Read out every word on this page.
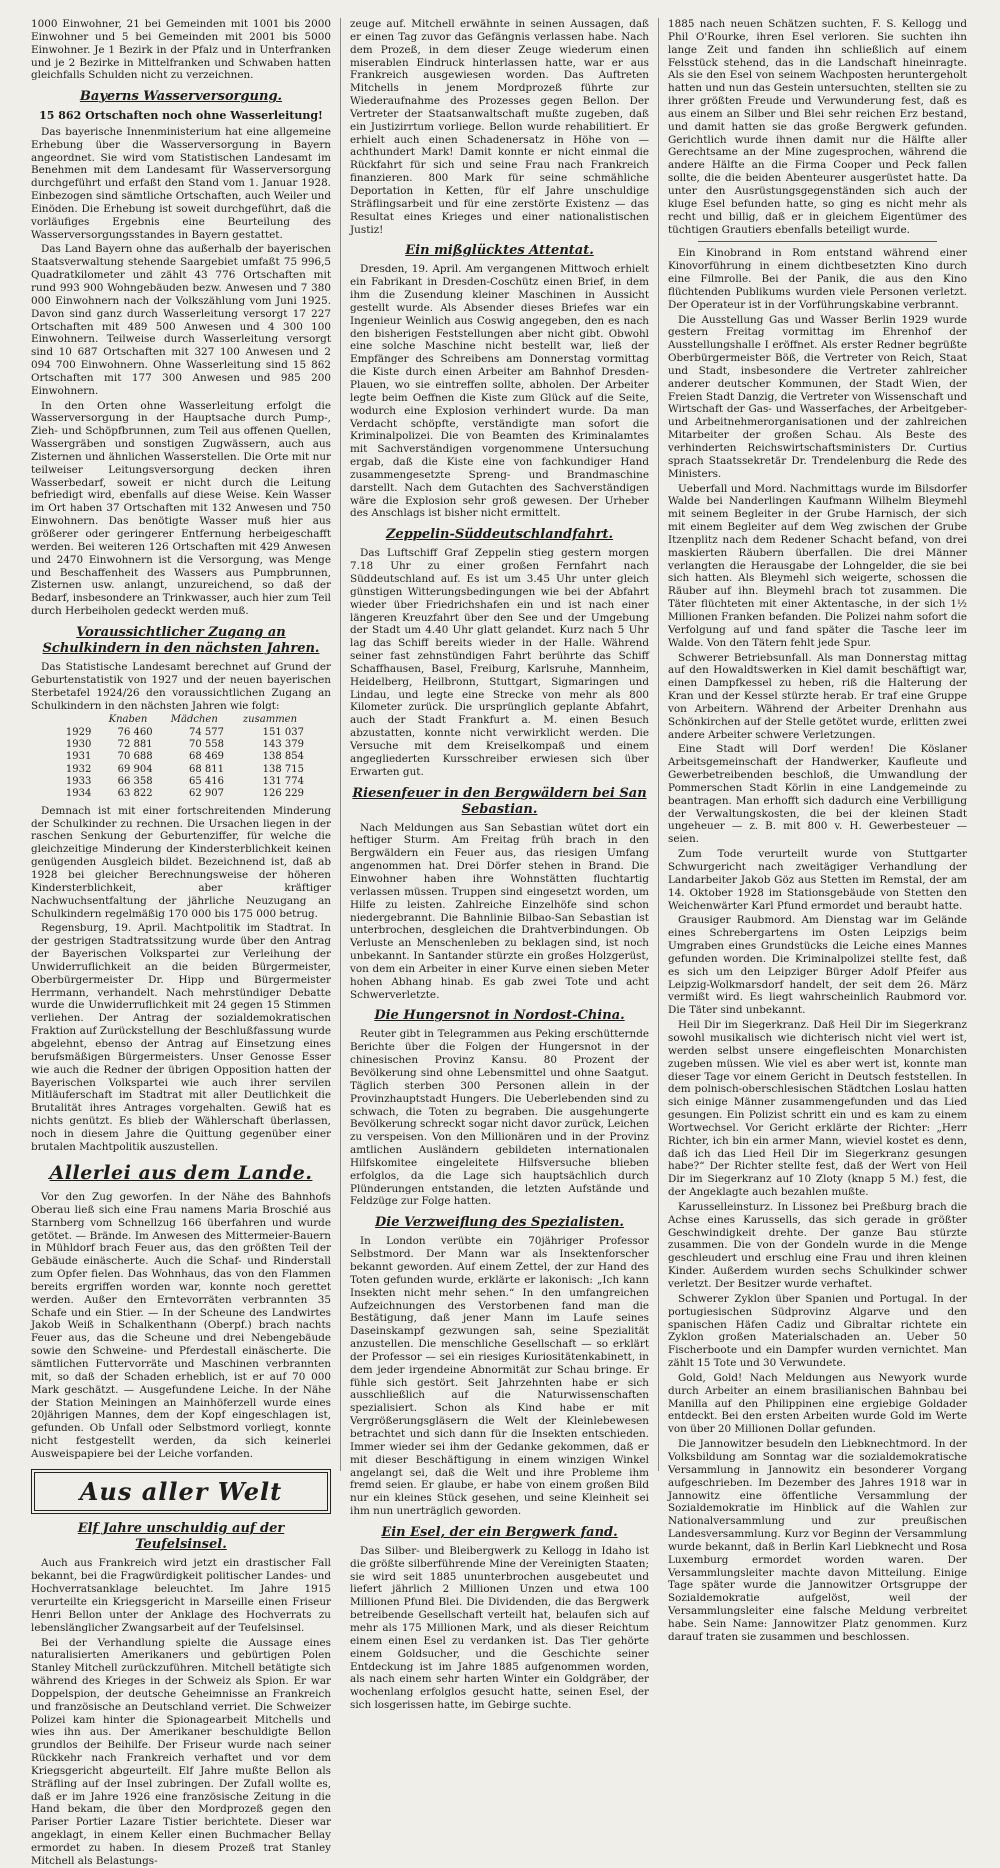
1000 Einwohner, 21 bei Gemeinden mit 1001 bis 2000 Einwohner und 5 bei Gemeinden mit 2001 bis 5000 Einwohner. Je 1 Bezirk in der Pfalz und in Unterfranken und je 2 Bezirke in Mittelfranken und Schwaben hatten gleichfalls Schulden nicht zu verzeichnen.

Bayerns Wasserversorgung.
15 862 Ortschaften noch ohne Wasserleitung!

Das bayerische Innenministerium hat eine allgemeine Erhebung über die Wasserversorgung in Bayern angeordnet. Sie wird vom Statistischen Landesamt im Benehmen mit dem Landesamt für Wasserversorgung durchgeführt und erfaßt den Stand vom 1. Januar 1928. Einbezogen sind sämtliche Ortschaften, auch Weiler und Einöden. Die Erhebung ist soweit durchgeführt, daß die vorläufiges Ergebnis eine Beurteilung des Wasserversorgungsstandes in Bayern gestattet.

Das Land Bayern ohne das außerhalb der bayerischen Staatsverwaltung stehende Saargebiet umfaßt 75 996,5 Quadratkilometer und zählt 43 776 Ortschaften mit rund 993 900 Wohngebäuden bezw. Anwesen und 7 380 000 Einwohnern nach der Volkszählung vom Juni 1925. Davon sind ganz durch Wasserleitung versorgt 17 227 Ortschaften mit 489 500 Anwesen und 4 300 100 Einwohnern. Teilweise durch Wasserleitung versorgt sind 10 687 Ortschaften mit 327 100 Anwesen und 2 094 700 Einwohnern. Ohne Wasserleitung sind 15 862 Ortschaften mit 177 300 Anwesen und 985 200 Einwohnern.

In den Orten ohne Wasserleitung erfolgt die Wasserversorgung in der Hauptsache durch Pump-, Zieh- und Schöpfbrunnen, zum Teil aus offenen Quellen, Wassergräben und sonstigen Zugwässern, auch aus Zisternen und ähnlichen Wasserstellen. Die Orte mit nur teilweiser Leitungsversorgung decken ihren Wasserbedarf, soweit er nicht durch die Leitung befriedigt wird, ebenfalls auf diese Weise. Kein Wasser im Ort haben 37 Ortschaften mit 132 Anwesen und 750 Einwohnern. Das benötigte Wasser muß hier aus größerer oder geringerer Entfernung herbeigeschafft werden. Bei weiteren 126 Ortschaften mit 429 Anwesen und 2470 Einwohnern ist die Versorgung, was Menge und Beschaffenheit des Wassers aus Pumpbrunnen, Zisternen usw. anlangt, unzureichend, so daß der Bedarf, insbesondere an Trinkwasser, auch hier zum Teil durch Herbeiholen gedeckt werden muß.

Voraussichtlicher Zugang an Schulkindern in den nächsten Jahren.

Das Statistische Landesamt berechnet auf Grund der Geburtenstatistik von 1927 und der neuen bayerischen Sterbetafel 1924/26 den voraussichtlichen Zugang an Schulkindern in den nächsten Jahren wie folgt:

	Knaben	Mädchen	zusammen
1929	76 460	74 577	151 037
1930	72 881	70 558	143 379
1931	70 688	68 469	138 854
1932	69 904	68 811	138 715
1933	66 358	65 416	131 774
1934	63 822	62 907	126 229

Demnach ist mit einer fortschreitenden Minderung der Schulkinder zu rechnen. Die Ursachen liegen in der raschen Senkung der Geburtenziffer, für welche die gleichzeitige Minderung der Kindersterblichkeit keinen genügenden Ausgleich bildet. Bezeichnend ist, daß ab 1928 bei gleicher Berechnungsweise der höheren Kindersterblichkeit, aber kräftiger Nachwuchsentfaltung der jährliche Neuzugang an Schulkindern regelmäßig 170 000 bis 175 000 betrug.

Regensburg, 19. April. Machtpolitik im Stadtrat. In der gestrigen Stadtratssitzung wurde über den Antrag der Bayerischen Volkspartei zur Verleihung der Unwiderruflichkeit an die beiden Bürgermeister, Oberbürgermeister Dr. Hipp und Bürgermeister Herrmann, verhandelt. Nach mehrstündiger Debatte wurde die Unwiderruflichkeit mit 24 gegen 15 Stimmen verliehen. Der Antrag der sozialdemokratischen Fraktion auf Zurückstellung der Beschlußfassung wurde abgelehnt, ebenso der Antrag auf Einsetzung eines berufsmäßigen Bürgermeisters. Unser Genosse Esser wie auch die Redner der übrigen Opposition hatten der Bayerischen Volkspartei wie auch ihrer servilen Mitläuferschaft im Stadtrat mit aller Deutlichkeit die Brutalität ihres Antrages vorgehalten. Gewiß hat es nichts genützt. Es blieb der Wählerschaft überlassen, noch in diesem Jahre die Quittung gegenüber einer brutalen Machtpolitik auszustellen.

Allerlei aus dem Lande.

Vor den Zug geworfen. In der Nähe des Bahnhofs Oberau ließ sich eine Frau namens Maria Broschié aus Starnberg vom Schnellzug 166 überfahren und wurde getötet. — Brände. Im Anwesen des Mittermeier-Bauern in Mühldorf brach Feuer aus, das den größten Teil der Gebäude einäscherte. Auch die Schaf- und Rinderstall zum Opfer fielen. Das Wohnhaus, das von den Flammen bereits ergriffen worden war, konnte noch gerettet werden. Außer den Erntevorräten verbrannten 35 Schafe und ein Stier. — In der Scheune des Landwirtes Jakob Weiß in Schalkenthann (Oberpf.) brach nachts Feuer aus, das die Scheune und drei Nebengebäude sowie den Schweine- und Pferdestall einäscherte. Die sämtlichen Futtervorräte und Maschinen verbrannten mit, so daß der Schaden erheblich, ist er auf 70 000 Mark geschätzt. — Ausgefundene Leiche. In der Nähe der Station Meiningen an Mainhöferzell wurde eines 20jährigen Mannes, dem der Kopf eingeschlagen ist, gefunden. Ob Unfall oder Selbstmord vorliegt, konnte nicht festgestellt werden, da sich keinerlei Ausweispapiere bei der Leiche vorfanden.

Aus aller Welt
Elf Jahre unschuldig auf der Teufelsinsel.

Auch aus Frankreich wird jetzt ein drastischer Fall bekannt, bei die Fragwürdigkeit politischer Landes- und Hochverratsanklage beleuchtet. Im Jahre 1915 verurteilte ein Kriegsgericht in Marseille einen Friseur Henri Bellon unter der Anklage des Hochverrats zu lebenslänglicher Zwangsarbeit auf der Teufelsinsel.

Bei der Verhandlung spielte die Aussage eines naturalisierten Amerikaners und gebürtigen Polen Stanley Mitchell zurückzuführen. Mitchell betätigte sich während des Krieges in der Schweiz als Spion. Er war Doppelspion, der deutsche Geheimnisse an Frankreich und französische an Deutschland verriet. Die Schweizer Polizei kam hinter die Spionagearbeit Mitchells und wies ihn aus. Der Amerikaner beschuldigte Bellon grundlos der Beihilfe. Der Friseur wurde nach seiner Rückkehr nach Frankreich verhaftet und vor dem Kriegsgericht abgeurteilt. Elf Jahre mußte Bellon als Sträfling auf der Insel zubringen. Der Zufall wollte es, daß er im Jahre 1926 eine französische Zeitung in die Hand bekam, die über den Mordprozeß gegen den Pariser Portier Lazare Tistier berichtete. Dieser war angeklagt, in einem Keller einen Buchmacher Bellay ermordet zu haben. In diesem Prozeß trat Stanley Mitchell als Belastungs-

zeuge auf. Mitchell erwähnte in seinen Aussagen, daß er einen Tag zuvor das Gefängnis verlassen habe. Nach dem Prozeß, in dem dieser Zeuge wiederum einen miserablen Eindruck hinterlassen hatte, war er aus Frankreich ausgewiesen worden. Das Auftreten Mitchells in jenem Mordprozeß führte zur Wiederaufnahme des Prozesses gegen Bellon. Der Vertreter der Staatsanwaltschaft mußte zugeben, daß ein Justizirrtum vorliege. Bellon wurde rehabilitiert. Er erhielt auch einen Schadenersatz in Höhe von — achthundert Mark! Damit konnte er nicht einmal die Rückfahrt für sich und seine Frau nach Frankreich finanzieren. 800 Mark für seine schmähliche Deportation in Ketten, für elf Jahre unschuldige Sträflingsarbeit und für eine zerstörte Existenz — das Resultat eines Krieges und einer nationalistischen Justiz!

Ein mißglücktes Attentat.

Dresden, 19. April. Am vergangenen Mittwoch erhielt ein Fabrikant in Dresden-Coschütz einen Brief, in dem ihm die Zusendung kleiner Maschinen in Aussicht gestellt wurde. Als Absender dieses Briefes war ein Ingenieur Weinlich aus Coswig angegeben, den es nach den bisherigen Feststellungen aber nicht gibt. Obwohl eine solche Maschine nicht bestellt war, ließ der Empfänger des Schreibens am Donnerstag vormittag die Kiste durch einen Arbeiter am Bahnhof Dresden-Plauen, wo sie eintreffen sollte, abholen. Der Arbeiter legte beim Oeffnen die Kiste zum Glück auf die Seite, wodurch eine Explosion verhindert wurde. Da man Verdacht schöpfte, verständigte man sofort die Kriminalpolizei. Die von Beamten des Kriminalamtes mit Sachverständigen vorgenommene Untersuchung ergab, daß die Kiste eine von fachkundiger Hand zusammengesetzte Spreng- und Brandmaschine darstellt. Nach dem Gutachten des Sachverständigen wäre die Explosion sehr groß gewesen. Der Urheber des Anschlags ist bisher nicht ermittelt.

Zeppelin-Süddeutschlandfahrt.

Das Luftschiff Graf Zeppelin stieg gestern morgen 7.18 Uhr zu einer großen Fernfahrt nach Süddeutschland auf. Es ist um 3.45 Uhr unter gleich günstigen Witterungsbedingungen wie bei der Abfahrt wieder über Friedrichshafen ein und ist nach einer längeren Kreuzfahrt über den See und der Umgebung der Stadt um 4.40 Uhr glatt gelandet. Kurz nach 5 Uhr lag das Schiff bereits wieder in der Halle. Während seiner fast zehnstündigen Fahrt berührte das Schiff Schaffhausen, Basel, Freiburg, Karlsruhe, Mannheim, Heidelberg, Heilbronn, Stuttgart, Sigmaringen und Lindau, und legte eine Strecke von mehr als 800 Kilometer zurück. Die ursprünglich geplante Abfahrt, auch der Stadt Frankfurt a. M. einen Besuch abzustatten, konnte nicht verwirklicht werden. Die Versuche mit dem Kreiselkompaß und einem angegliederten Kursschreiber erwiesen sich über Erwarten gut.

Riesenfeuer in den Bergwäldern bei San Sebastian.

Nach Meldungen aus San Sebastian wütet dort ein heftiger Sturm. Am Freitag früh brach in den Bergwäldern ein Feuer aus, das riesigen Umfang angenommen hat. Drei Dörfer stehen in Brand. Die Einwohner haben ihre Wohnstätten fluchtartig verlassen müssen. Truppen sind eingesetzt worden, um Hilfe zu leisten. Zahlreiche Einzelhöfe sind schon niedergebrannt. Die Bahnlinie Bilbao-San Sebastian ist unterbrochen, desgleichen die Drahtverbindungen. Ob Verluste an Menschenleben zu beklagen sind, ist noch unbekannt. In Santander stürzte ein großes Holzgerüst, von dem ein Arbeiter in einer Kurve einen sieben Meter hohen Abhang hinab. Es gab zwei Tote und acht Schwerverletzte.

Die Hungersnot in Nordost-China.

Reuter gibt in Telegrammen aus Peking erschütternde Berichte über die Folgen der Hungersnot in der chinesischen Provinz Kansu. 80 Prozent der Bevölkerung sind ohne Lebensmittel und ohne Saatgut. Täglich sterben 300 Personen allein in der Provinzhauptstadt Hungers. Die Ueberlebenden sind zu schwach, die Toten zu begraben. Die ausgehungerte Bevölkerung schreckt sogar nicht davor zurück, Leichen zu verspeisen. Von den Millionären und in der Provinz amtlichen Ausländern gebildeten internationalen Hilfskomitee eingeleitete Hilfsversuche blieben erfolglos, da die Lage sich hauptsächlich durch Plünderungen entstanden, die letzten Aufstände und Feldzüge zur Folge hatten.

Die Verzweiflung des Spezialisten.

In London verübte ein 70jähriger Professor Selbstmord. Der Mann war als Insektenforscher bekannt geworden. Auf einem Zettel, der zur Hand des Toten gefunden wurde, erklärte er lakonisch: „Ich kann Insekten nicht mehr sehen.“ In den umfangreichen Aufzeichnungen des Verstorbenen fand man die Bestätigung, daß jener Mann im Laufe seines Daseinskampf gezwungen sah, seine Spezialität anzustellen. Die menschliche Gesellschaft — so erklärt der Professor — sei ein riesiges Kuriositätenkabinett, in dem jeder irgendeine Abnormität zur Schau bringe. Er fühle sich gestört. Seit Jahrzehnten habe er sich ausschließlich auf die Naturwissenschaften spezialisiert. Schon als Kind habe er mit Vergrößerungsgläsern die Welt der Kleinlebewesen betrachtet und sich dann für die Insekten entschieden. Immer wieder sei ihm der Gedanke gekommen, daß er mit dieser Beschäftigung in einem winzigen Winkel angelangt sei, daß die Welt und ihre Probleme ihm fremd seien. Er glaube, er habe von einem großen Bild nur ein kleines Stück gesehen, und seine Kleinheit sei ihm nun unerträglich geworden.

Ein Esel, der ein Bergwerk fand.

Das Silber- und Bleibergwerk zu Kellogg in Idaho ist die größte silberführende Mine der Vereinigten Staaten; sie wird seit 1885 ununterbrochen ausgebeutet und liefert jährlich 2 Millionen Unzen und etwa 100 Millionen Pfund Blei. Die Dividenden, die das Bergwerk betreibende Gesellschaft verteilt hat, belaufen sich auf mehr als 175 Millionen Mark, und als dieser Reichtum einem einen Esel zu verdanken ist. Das Tier gehörte einem Goldsucher, und die Geschichte seiner Entdeckung ist im Jahre 1885 aufgenommen worden, als nach einem sehr harten Winter ein Goldgräber, der wochenlang erfolglos gesucht hatte, seinen Esel, der sich losgerissen hatte, im Gebirge suchte.

1885 nach neuen Schätzen suchten, F. S. Kellogg und Phil O'Rourke, ihren Esel verloren. Sie suchten ihn lange Zeit und fanden ihn schließlich auf einem Felsstück stehend, das in die Landschaft hineinragte. Als sie den Esel von seinem Wachposten heruntergeholt hatten und nun das Gestein untersuchten, stellten sie zu ihrer größten Freude und Verwunderung fest, daß es aus einem an Silber und Blei sehr reichen Erz bestand, und damit hatten sie das große Bergwerk gefunden. Gerichtlich wurde ihnen damit nur die Hälfte aller Gerechtsame an der Mine zugesprochen, während die andere Hälfte an die Firma Cooper und Peck fallen sollte, die die beiden Abenteurer ausgerüstet hatte. Da unter den Ausrüstungsgegenständen sich auch der kluge Esel befunden hatte, so ging es nicht mehr als recht und billig, daß er in gleichem Eigentümer des tüchtigen Grautiers ebenfalls beteiligt wurde.

Ein Kinobrand in Rom entstand während einer Kinovorführung in einem dichtbesetzten Kino durch eine Filmrolle. Bei der Panik, die aus den Kino flüchtenden Publikums wurden viele Personen verletzt. Der Operateur ist in der Vorführungskabine verbrannt.

Die Ausstellung Gas und Wasser Berlin 1929 wurde gestern Freitag vormittag im Ehrenhof der Ausstellungshalle I eröffnet. Als erster Redner begrüßte Oberbürgermeister Böß, die Vertreter von Reich, Staat und Stadt, insbesondere die Vertreter zahlreicher anderer deutscher Kommunen, der Stadt Wien, der Freien Stadt Danzig, die Vertreter von Wissenschaft und Wirtschaft der Gas- und Wasserfaches, der Arbeitgeber- und Arbeitnehmerorganisationen und der zahlreichen Mitarbeiter der großen Schau. Als Beste des verhinderten Reichswirtschaftsministers Dr. Curtius sprach Staatssekretär Dr. Trendelenburg die Rede des Ministers.

Ueberfall und Mord. Nachmittags wurde im Bilsdorfer Walde bei Nanderlingen Kaufmann Wilhelm Bleymehl mit seinem Begleiter in der Grube Harnisch, der sich mit einem Begleiter auf dem Weg zwischen der Grube Itzenplitz nach dem Redener Schacht befand, von drei maskierten Räubern überfallen. Die drei Männer verlangten die Herausgabe der Lohngelder, die sie bei sich hatten. Als Bleymehl sich weigerte, schossen die Räuber auf ihn. Bleymehl brach tot zusammen. Die Täter flüchteten mit einer Aktentasche, in der sich 1½ Millionen Franken befanden. Die Polizei nahm sofort die Verfolgung auf und fand später die Tasche leer im Walde. Von den Tätern fehlt jede Spur.

Schwerer Betriebsunfall. Als man Donnerstag mittag auf den Howaldtswerken in Kiel damit beschäftigt war, einen Dampfkessel zu heben, riß die Halterung der Kran und der Kessel stürzte herab. Er traf eine Gruppe von Arbeitern. Während der Arbeiter Drenhahn aus Schönkirchen auf der Stelle getötet wurde, erlitten zwei andere Arbeiter schwere Verletzungen.

Eine Stadt will Dorf werden! Die Köslaner Arbeitsgemeinschaft der Handwerker, Kaufleute und Gewerbetreibenden beschloß, die Umwandlung der Pommerschen Stadt Körlin in eine Landgemeinde zu beantragen. Man erhofft sich dadurch eine Verbilligung der Verwaltungskosten, die bei der kleinen Stadt ungeheuer — z. B. mit 800 v. H. Gewerbesteuer — seien.

Zum Tode verurteilt wurde von Stuttgarter Schwurgericht nach zweitägiger Verhandlung der Landarbeiter Jakob Göz aus Stetten im Remstal, der am 14. Oktober 1928 im Stationsgebäude von Stetten den Weichenwärter Karl Pfund ermordet und beraubt hatte.

Grausiger Raubmord. Am Dienstag war im Gelände eines Schrebergartens im Osten Leipzigs beim Umgraben eines Grundstücks die Leiche eines Mannes gefunden worden. Die Kriminalpolizei stellte fest, daß es sich um den Leipziger Bürger Adolf Pfeifer aus Leipzig-Wolkmarsdorf handelt, der seit dem 26. März vermißt wird. Es liegt wahrscheinlich Raubmord vor. Die Täter sind unbekannt.

Heil Dir im Siegerkranz. Daß Heil Dir im Siegerkranz sowohl musikalisch wie dichterisch nicht viel wert ist, werden selbst unsere eingefleischten Monarchisten zugeben müssen. Wie viel es aber wert ist, konnte man dieser Tage vor einem Gericht in Deutsch feststellen. In dem polnisch-oberschlesischen Städtchen Loslau hatten sich einige Männer zusammengefunden und das Lied gesungen. Ein Polizist schritt ein und es kam zu einem Wortwechsel. Vor Gericht erklärte der Richter: „Herr Richter, ich bin ein armer Mann, wieviel kostet es denn, daß ich das Lied Heil Dir im Siegerkranz gesungen habe?“ Der Richter stellte fest, daß der Wert von Heil Dir im Siegerkranz auf 10 Zloty (knapp 5 M.) fest, die der Angeklagte auch bezahlen mußte.

Karusselleinsturz. In Lissonez bei Preßburg brach die Achse eines Karussells, das sich gerade in größter Geschwindigkeit drehte. Der ganze Bau stürzte zusammen. Die von der Gondeln wurde in die Menge geschleudert und erschlug eine Frau und ihren kleinen Kinder. Außerdem wurden sechs Schulkinder schwer verletzt. Der Besitzer wurde verhaftet.

Schwerer Zyklon über Spanien und Portugal. In der portugiesischen Südprovinz Algarve und den spanischen Häfen Cadiz und Gibraltar richtete ein Zyklon großen Materialschaden an. Ueber 50 Fischerboote und ein Dampfer wurden vernichtet. Man zählt 15 Tote und 30 Verwundete.

Gold, Gold! Nach Meldungen aus Newyork wurde durch Arbeiter an einem brasilianischen Bahnbau bei Manilla auf den Philippinen eine ergiebige Goldader entdeckt. Bei den ersten Arbeiten wurde Gold im Werte von über 20 Millionen Dollar gefunden.

Die Jannowitzer besudeln den Liebknechtmord. In der Volksbildung am Sonntag war die sozialdemokratische Versammlung in Jannowitz ein besonderer Vorgang aufgeschrieben. Im Dezember des Jahres 1918 war in Jannowitz eine öffentliche Versammlung der Sozialdemokratie im Hinblick auf die Wahlen zur Nationalversammlung und zur preußischen Landesversammlung. Kurz vor Beginn der Versammlung wurde bekannt, daß in Berlin Karl Liebknecht und Rosa Luxemburg ermordet worden waren. Der Versammlungsleiter machte davon Mitteilung. Einige Tage später wurde die Jannowitzer Ortsgruppe der Sozialdemokratie aufgelöst, weil der Versammlungsleiter eine falsche Meldung verbreitet habe. Sein Name: Jannowitzer Platz genommen. Kurz darauf traten sie zusammen und beschlossen.
